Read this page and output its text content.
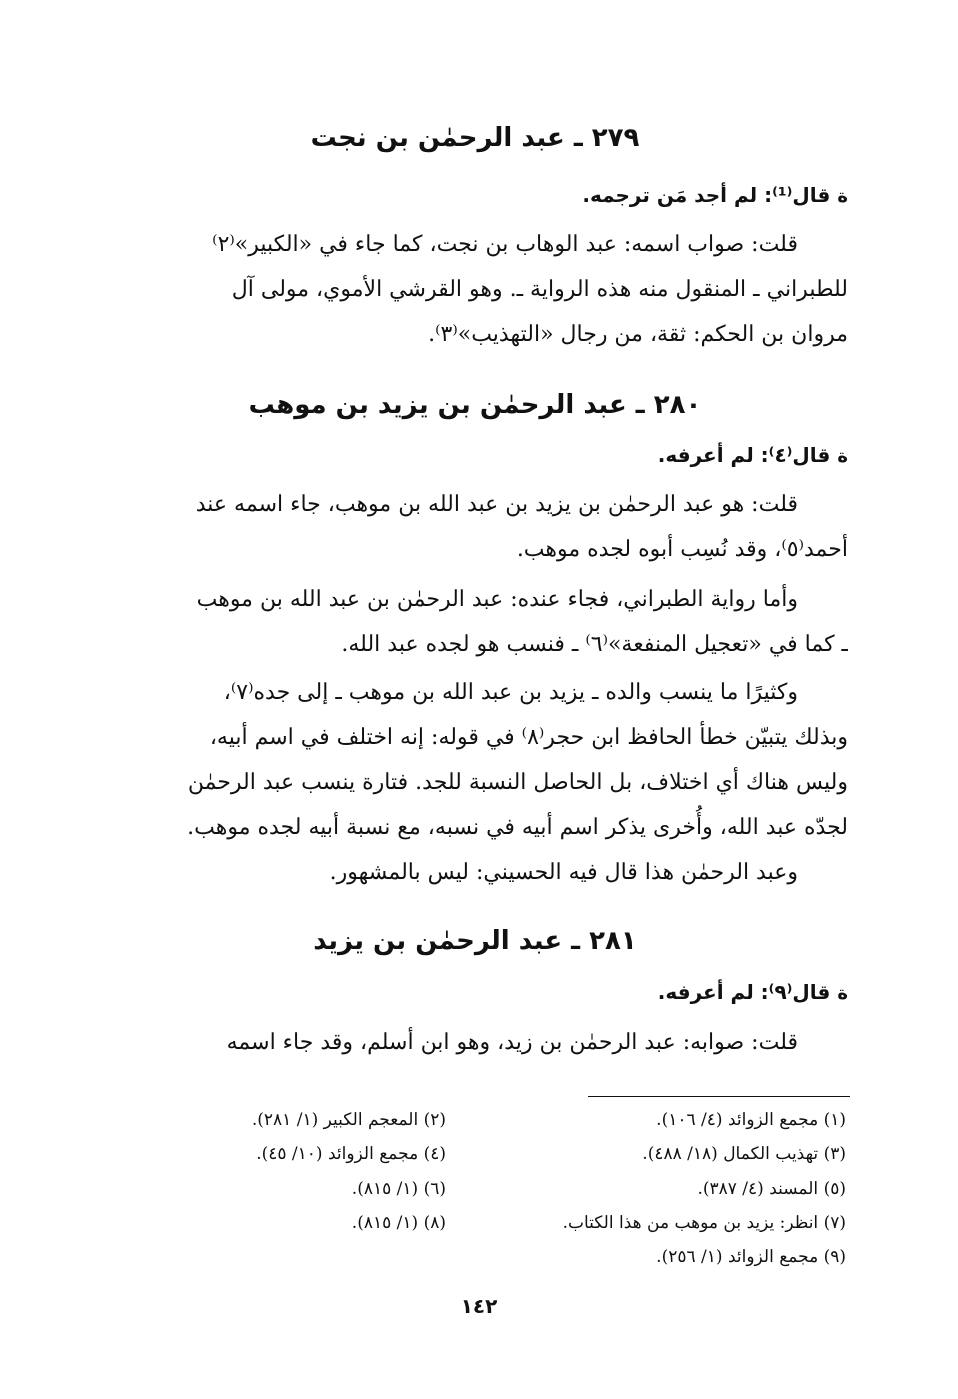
٢٧٩ ـ عبد الرحمٰن بن نجت
ﺓ قال⁽¹⁾: لم أجد مَن ترجمه.
قلت: صواب اسمه: عبد الوهاب بن نجت، كما جاء في «الكبير»⁽٢⁾
للطبراني ـ المنقول منه هذه الرواية ـ. وهو القرشي الأموي، مولى آل
مروان بن الحكم: ثقة، من رجال «التهذيب»⁽٣⁾.
٢٨٠ ـ عبد الرحمٰن بن يزيد بن موهب
ﺓ قال⁽٤⁾: لم أعرفه.
قلت: هو عبد الرحمٰن بن يزيد بن عبد الله بن موهب، جاء اسمه عند
أحمد⁽٥⁾، وقد نُسِب أبوه لجده موهب.
وأما رواية الطبراني، فجاء عنده: عبد الرحمٰن بن عبد الله بن موهب
ـ كما في «تعجيل المنفعة»⁽٦⁾ ـ فنسب هو لجده عبد الله.
وكثيرًا ما ينسب والده ـ يزيد بن عبد الله بن موهب ـ إلى جده⁽٧⁾،
وبذلك يتبيّن خطأ الحافظ ابن حجر⁽٨⁾ في قوله: إنه اختلف في اسم أبيه،
وليس هناك أي اختلاف، بل الحاصل النسبة للجد. فتارة ينسب عبد الرحمٰن
لجدّه عبد الله، وأُخرى يذكر اسم أبيه في نسبه، مع نسبة أبيه لجده موهب.
وعبد الرحمٰن هذا قال فيه الحسيني: ليس بالمشهور.
٢٨١ ـ عبد الرحمٰن بن يزيد
ﺓ قال⁽٩⁾: لم أعرفه.
قلت: صوابه: عبد الرحمٰن بن زيد، وهو ابن أسلم، وقد جاء اسمه
(١) مجمع الزوائد (٤/ ١٠٦).
(٢) المعجم الكبير (١/ ٢٨١).
(٣) تهذيب الكمال (١٨/ ٤٨٨).
(٤) مجمع الزوائد (١٠/ ٤٥).
(٥) المسند (٤/ ٣٨٧).
(٦) (١/ ٨١٥).
(٧) انظر: يزيد بن موهب من هذا الكتاب.
(٨) (١/ ٨١٥).
(٩) مجمع الزوائد (١/ ٢٥٦).
١٤٢
